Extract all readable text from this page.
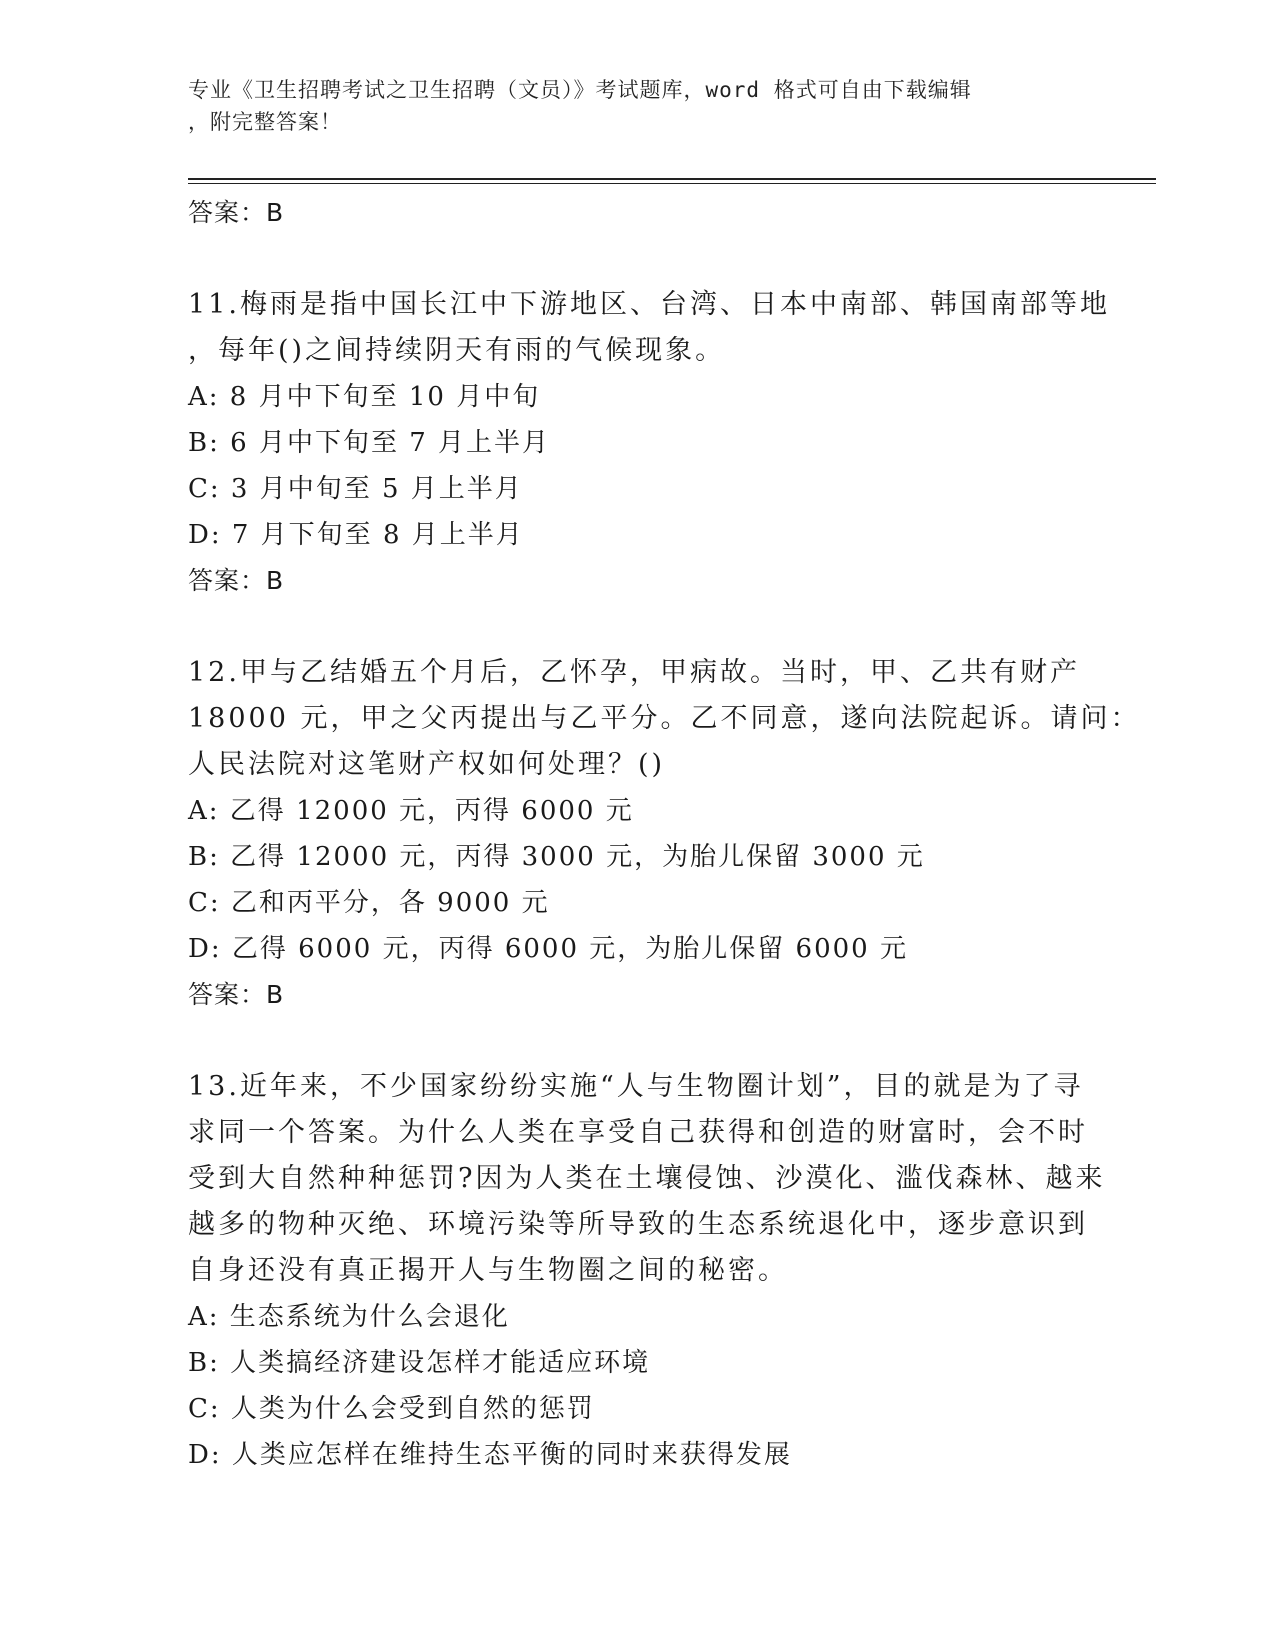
专业《卫生招聘考试之卫生招聘（文员）》考试题库，word 格式可自由下载编辑
，附完整答案！
答案：B
11.梅雨是指中国长江中下游地区、台湾、日本中南部、韩国南部等地
，每年()之间持续阴天有雨的气候现象。
A: 8 月中下旬至 10 月中旬
B: 6 月中下旬至 7 月上半月
C: 3 月中旬至 5 月上半月
D: 7 月下旬至 8 月上半月
答案：B
12.甲与乙结婚五个月后，乙怀孕，甲病故。当时，甲、乙共有财产
18000 元，甲之父丙提出与乙平分。乙不同意，遂向法院起诉。请问：
人民法院对这笔财产权如何处理？()
A: 乙得 12000 元，丙得 6000 元
B: 乙得 12000 元，丙得 3000 元，为胎儿保留 3000 元
C: 乙和丙平分，各 9000 元
D: 乙得 6000 元，丙得 6000 元，为胎儿保留 6000 元
答案：B
13.近年来，不少国家纷纷实施“人与生物圈计划”，目的就是为了寻
求同一个答案。为什么人类在享受自己获得和创造的财富时，会不时
受到大自然种种惩罚?因为人类在土壤侵蚀、沙漠化、滥伐森林、越来
越多的物种灭绝、环境污染等所导致的生态系统退化中，逐步意识到
自身还没有真正揭开人与生物圈之间的秘密。
A: 生态系统为什么会退化
B: 人类搞经济建设怎样才能适应环境
C: 人类为什么会受到自然的惩罚
D: 人类应怎样在维持生态平衡的同时来获得发展
